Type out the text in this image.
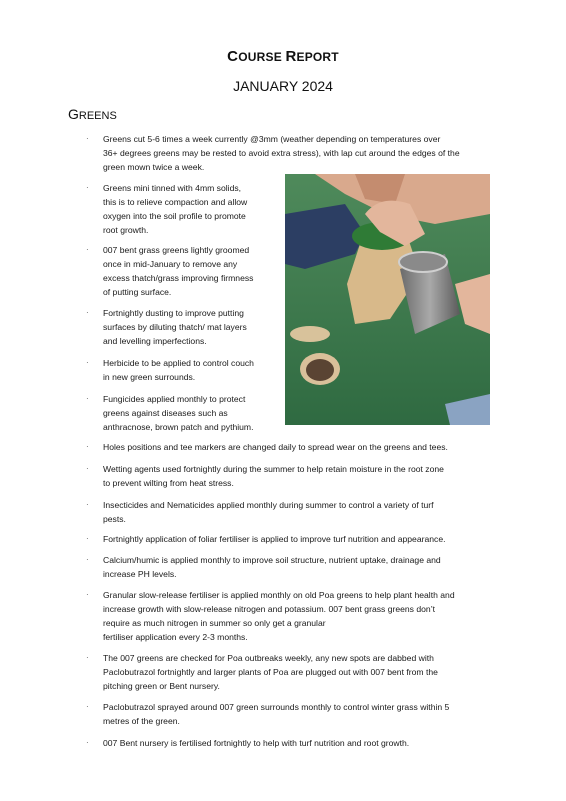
COURSE REPORT
JANUARY 2024
GREENS
· Greens cut 5-6 times a week currently @3mm (weather depending on temperatures over
36+ degrees greens may be rested to avoid extra stress), with lap cut around the edges of the
green mown twice a week.
· Greens mini tinned with 4mm solids,
this is to relieve compaction and allow
oxygen into the soil profile to promote
root growth.
· 007 bent grass greens lightly groomed
once in mid-January to remove any
excess thatch/grass improving firmness
of putting surface.
· Fortnightly dusting to improve putting
surfaces by diluting thatch/ mat layers
and levelling imperfections.
· Herbicide to be applied to control couch
in new green surrounds.
· Fungicides applied monthly to protect
greens against diseases such as
anthracnose, brown patch and pythium.
· Holes positions and tee markers are changed daily to spread wear on the greens and tees.
· Wetting agents used fortnightly during the summer to help retain moisture in the root zone
to prevent wilting from heat stress.
· Insecticides and Nematicides applied monthly during summer to control a variety of turf
pests.
· Fortnightly application of foliar fertiliser is applied to improve turf nutrition and appearance.
· Calcium/humic is applied monthly to improve soil structure, nutrient uptake, drainage and
increase PH levels.
· Granular slow-release fertiliser is applied monthly on old Poa greens to help plant health and
increase growth with slow-release nitrogen and potassium. 007 bent grass greens don’t
require as much nitrogen in summer so only get a granular
fertiliser application every 2-3 months.
· The 007 greens are checked for Poa outbreaks weekly, any new spots are dabbed with
Paclobutrazol fortnightly and larger plants of Poa are plugged out with 007 bent from the
pitching green or Bent nursery.
· Paclobutrazol sprayed around 007 green surrounds monthly to control winter grass within 5
metres of the green.
· 007 Bent nursery is fertilised fortnightly to help with turf nutrition and root growth.
